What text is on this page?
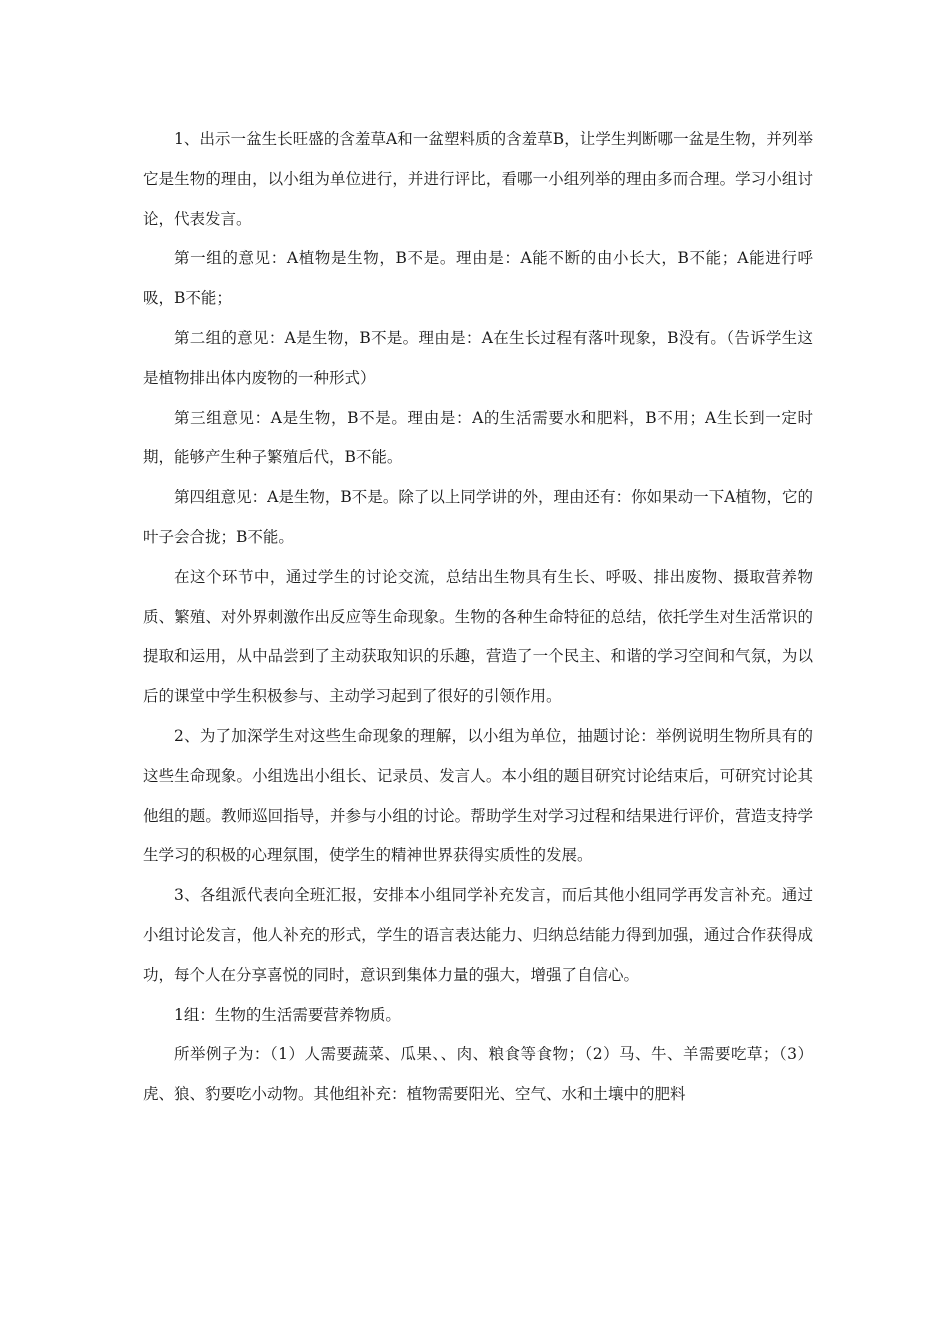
1、出示一盆生长旺盛的含羞草A和一盆塑料质的含羞草B，让学生判断哪一盆是生物，并列举它是生物的理由，以小组为单位进行，并进行评比，看哪一小组列举的理由多而合理。学习小组讨论，代表发言。

第一组的意见：A植物是生物，B不是。理由是：A能不断的由小长大，B不能；A能进行呼吸，B不能；

第二组的意见：A是生物，B不是。理由是：A在生长过程有落叶现象，B没有。（告诉学生这是植物排出体内废物的一种形式）

第三组意见：A是生物，B不是。理由是：A的生活需要水和肥料，B不用；A生长到一定时期，能够产生种子繁殖后代，B不能。

第四组意见：A是生物，B不是。除了以上同学讲的外，理由还有：你如果动一下A植物，它的叶子会合拢；B不能。

在这个环节中，通过学生的讨论交流，总结出生物具有生长、呼吸、排出废物、摄取营养物质、繁殖、对外界刺激作出反应等生命现象。生物的各种生命特征的总结，依托学生对生活常识的提取和运用，从中品尝到了主动获取知识的乐趣，营造了一个民主、和谐的学习空间和气氛，为以后的课堂中学生积极参与、主动学习起到了很好的引领作用。

2、为了加深学生对这些生命现象的理解，以小组为单位，抽题讨论：举例说明生物所具有的这些生命现象。小组选出小组长、记录员、发言人。本小组的题目研究讨论结束后，可研究讨论其他组的题。教师巡回指导，并参与小组的讨论。帮助学生对学习过程和结果进行评价，营造支持学生学习的积极的心理氛围，使学生的精神世界获得实质性的发展。

3、各组派代表向全班汇报，安排本小组同学补充发言，而后其他小组同学再发言补充。通过小组讨论发言，他人补充的形式，学生的语言表达能力、归纳总结能力得到加强，通过合作获得成功，每个人在分享喜悦的同时，意识到集体力量的强大，增强了自信心。

1组：生物的生活需要营养物质。

所举例子为：（1）人需要蔬菜、瓜果、、肉、粮食等食物；（2）马、牛、羊需要吃草；（3）虎、狼、豹要吃小动物。其他组补充：植物需要阳光、空气、水和土壤中的肥料
